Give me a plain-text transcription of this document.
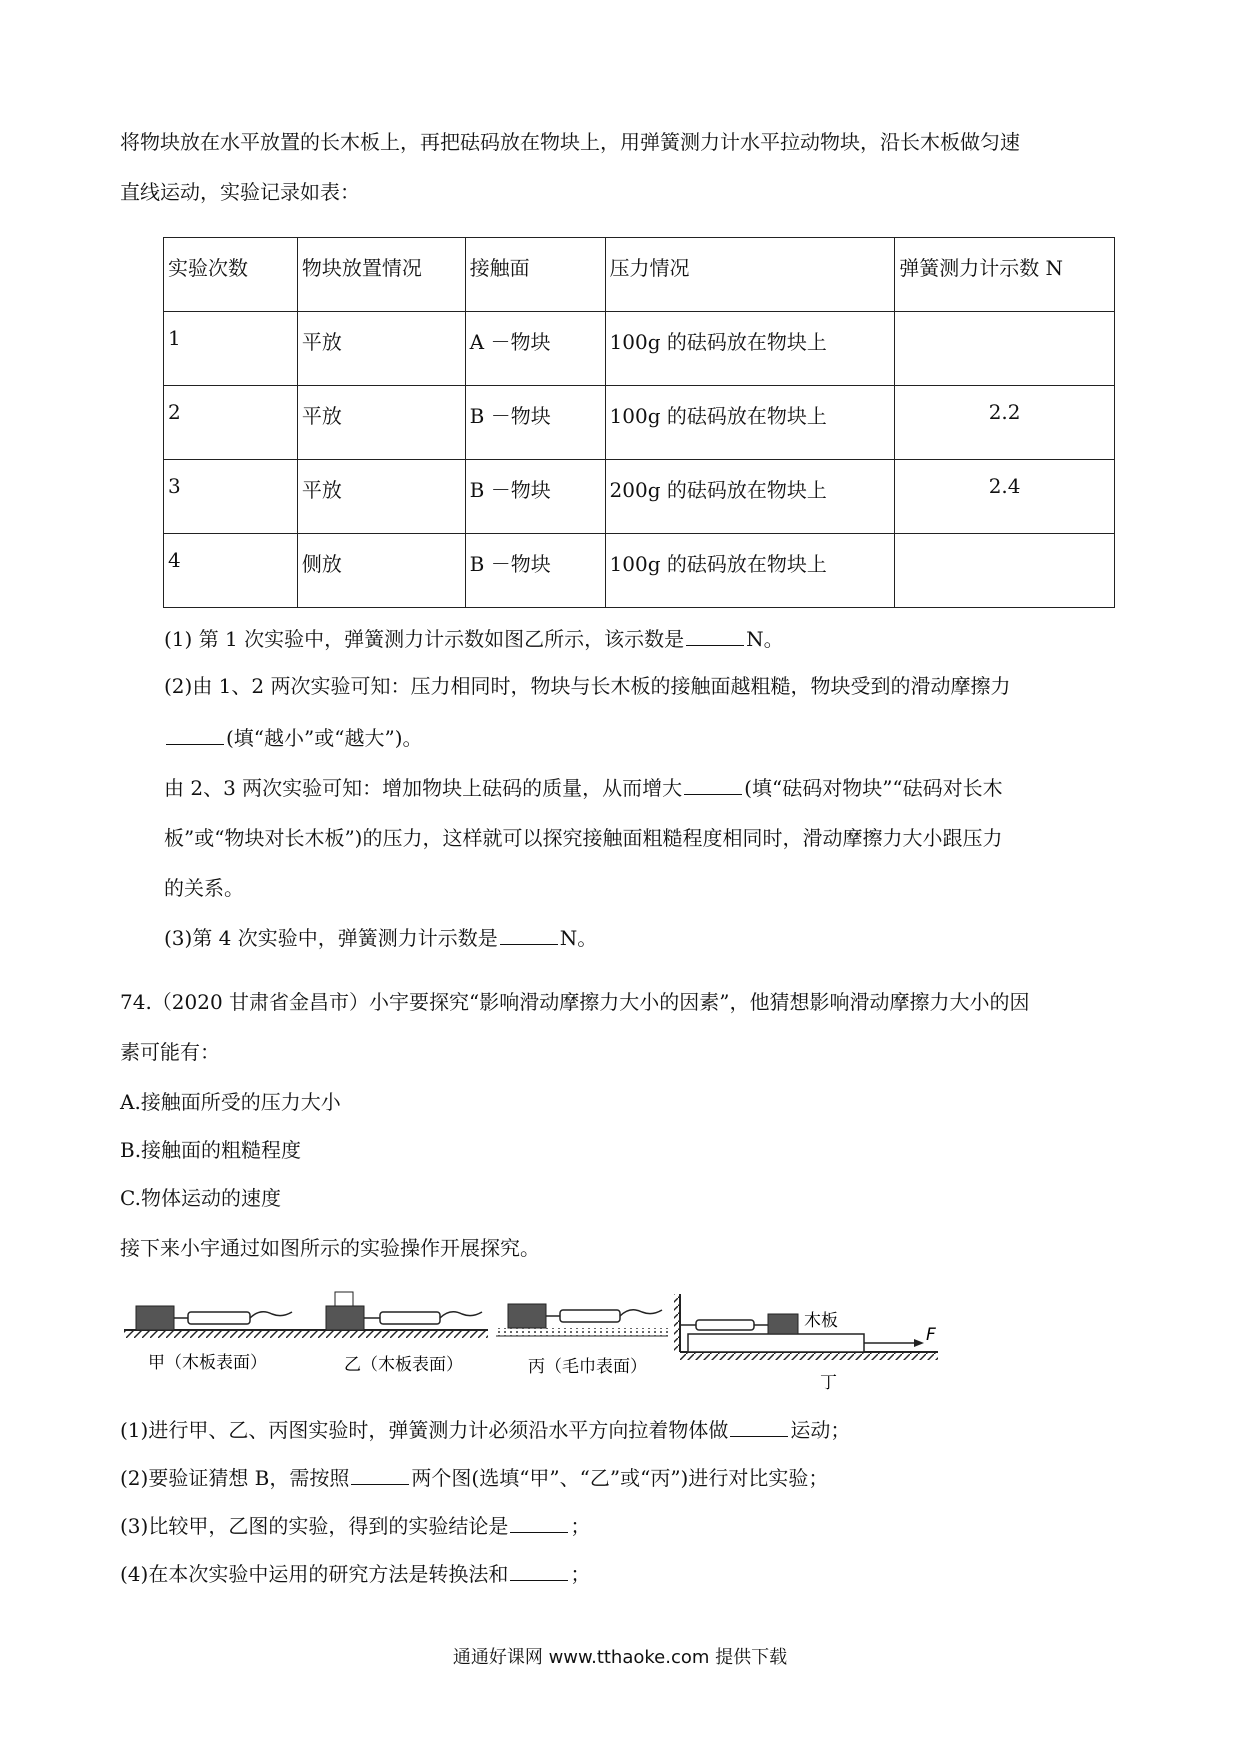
将物块放在水平放置的长木板上，再把砝码放在物块上，用弹簧测力计水平拉动物块，沿长木板做匀速
直线运动，实验记录如表：
实验次数	物块放置情况	接触面	压力情况	弹簧测力计示数 N
1	平放	A －物块	100g 的砝码放在物块上	
2	平放	B －物块	100g 的砝码放在物块上	2.2
3	平放	B －物块	200g 的砝码放在物块上	2.4
4	侧放	B －物块	100g 的砝码放在物块上	
(1) 第 1 次实验中，弹簧测力计示数如图乙所示，该示数是	N。
(2)由 1、2 两次实验可知：压力相同时，物块与长木板的接触面越粗糙，物块受到的滑动摩擦力
(填“越小”或“越大”)。
由 2、3 两次实验可知：增加物块上砝码的质量，从而增大	(填“砝码对物块”“砝码对长木
板”或“物块对长木板”)的压力，这样就可以探究接触面粗糙程度相同时，滑动摩擦力大小跟压力
的关系。
(3)第 4 次实验中，弹簧测力计示数是	N。
74.（2020 甘肃省金昌市）小宇要探究“影响滑动摩擦力大小的因素”，他猜想影响滑动摩擦力大小的因
素可能有：
A.接触面所受的压力大小
B.接触面的粗糙程度
C.物体运动的速度
接下来小宇通过如图所示的实验操作开展探究。
木板
F
甲（木板表面）	乙（木板表面）	丙（毛巾表面）
丁
(1)进行甲、乙、丙图实验时，弹簧测力计必须沿水平方向拉着物体做	运动；
(2)要验证猜想 B，需按照	两个图(选填“甲”、“乙”或“丙”)进行对比实验；
(3)比较甲，乙图的实验，得到的实验结论是	；
(4)在本次实验中运用的研究方法是转换法和	；
通通好课网 www.tthaoke.com 提供下载
